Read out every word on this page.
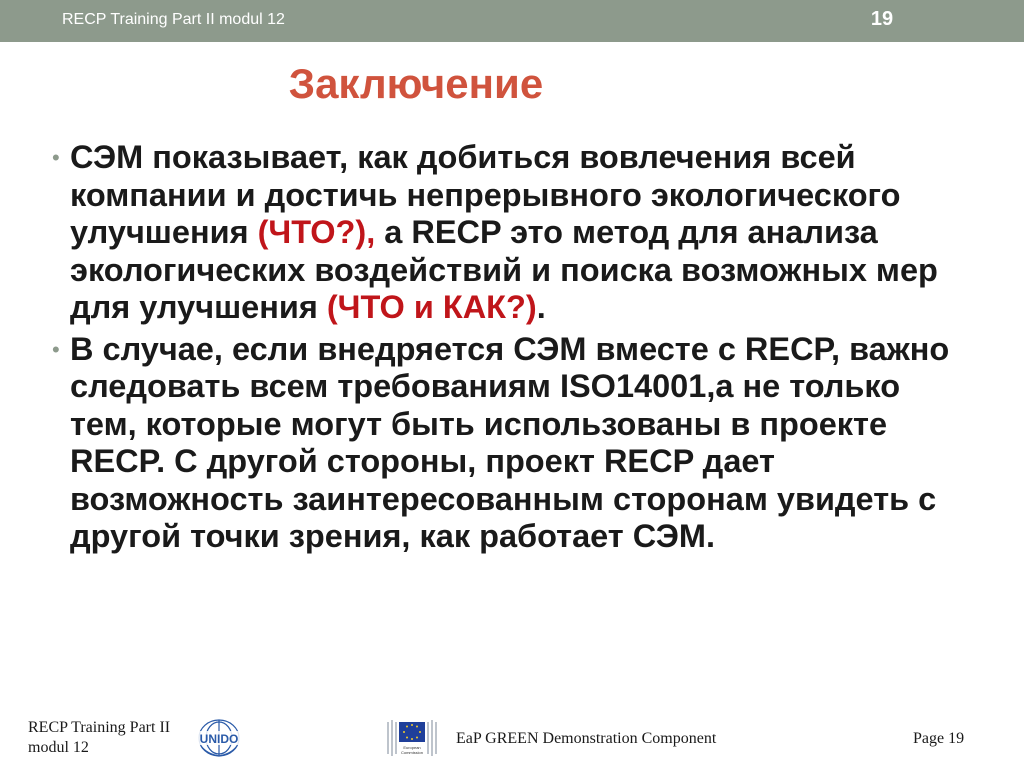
RECP Training Part II modul 12	19
Заключение
• СЭМ показывает, как добиться вовлечения всей компании и достичь непрерывного экологического улучшения (ЧТО?), а RECP это метод для анализа экологических воздействий и поиска возможных мер для улучшения (ЧТО и КАК?).
• В случае, если внедряется СЭМ вместе с RECP, важно следовать всем требованиям ISO14001,а не только тем, которые могут быть использованы в проекте RECP. С другой стороны, проект RECP дает возможность заинтересованным сторонам увидеть с другой точки зрения, как работает СЭМ.
RECP Training Part II
modul 12	UNIDO
European
Commission
EaP GREEN Demonstration Component	Page 19
